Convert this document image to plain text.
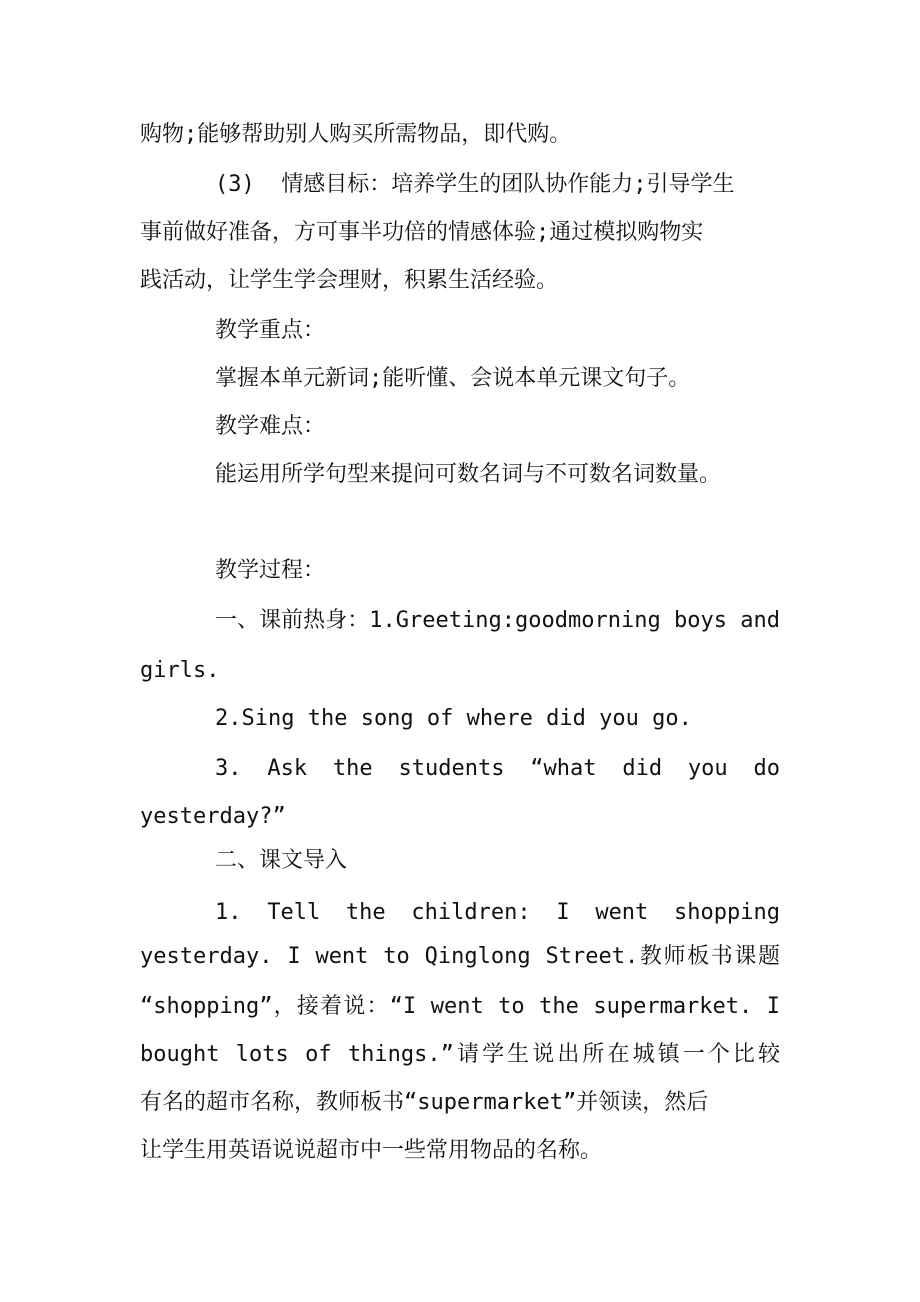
购物;能够帮助别人购买所需物品，即代购。
(3)  情感目标：培养学生的团队协作能力;引导学生
事前做好准备，方可事半功倍的情感体验;通过模拟购物实
践活动，让学生学会理财，积累生活经验。
教学重点：
掌握本单元新词;能听懂、会说本单元课文句子。
教学难点：
能运用所学句型来提问可数名词与不可数名词数量。
教学过程：
一、课前热身：1.Greeting:goodmorning boys and
girls.
2.Sing the song of where did you go.
3. Ask the students “what did you do
yesterday?”
二、课文导入
1. Tell the children: I went shopping
yesterday. I went to Qinglong Street.教师板书课题
“shopping”，接着说：“I went to the supermarket. I
bought lots of things.”请学生说出所在城镇一个比较
有名的超市名称，教师板书“supermarket”并领读，然后
让学生用英语说说超市中一些常用物品的名称。
